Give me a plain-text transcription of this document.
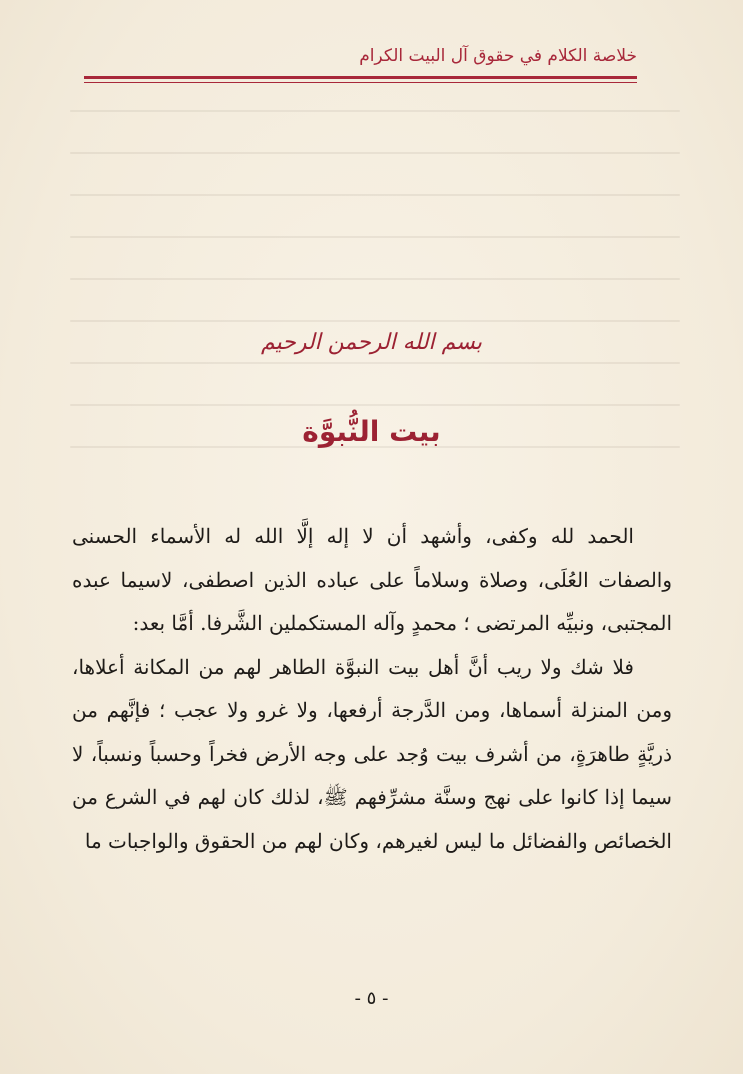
خلاصة الكلام في حقوق آل البيت الكرام
بسم الله الرحمن الرحيم
بيت النُّبوَّة

الحمد لله وكفى، وأشهد أن لا إله إلَّا الله له الأسماء الحسنى والصفات العُلَى، وصلاة وسلاماً على عباده الذين اصطفى، لاسيما عبده المجتبى، ونبيِّه المرتضى ؛ محمدٍ وآله المستكملين الشَّرفا. أمَّا بعد:

فلا شك ولا ريب أنَّ أهل بيت النبوَّة الطاهر لهم من المكانة أعلاها، ومن المنزلة أسماها، ومن الدَّرجة أرفعها، ولا غرو ولا عجب ؛ فإنَّهم من ذريَّةٍ طاهرَةٍ، من أشرف بيت وُجد على وجه الأرض فخراً وحسباً ونسباً، لا سيما إذا كانوا على نهج وسنَّة مشرِّفهم ﷺ، لذلك كان لهم في الشرع من الخصائص والفضائل ما ليس لغيرهم، وكان لهم من الحقوق والواجبات ما

- ٥ -
